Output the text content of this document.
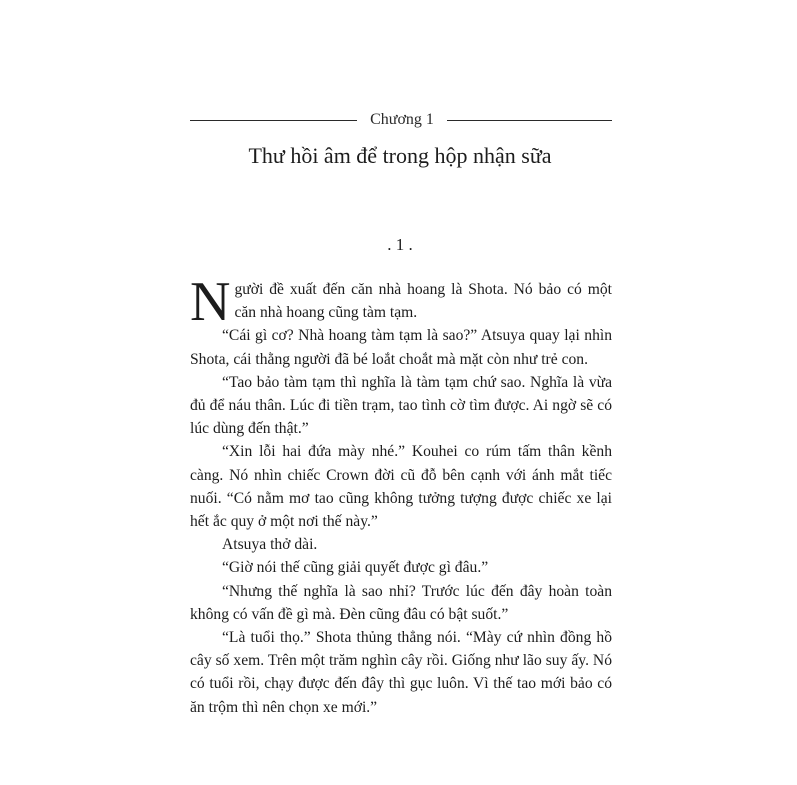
Chương 1
Thư hồi âm để trong hộp nhận sữa
. 1 .

Người đề xuất đến căn nhà hoang là Shota. Nó bảo có một căn nhà hoang cũng tàm tạm.

“Cái gì cơ? Nhà hoang tàm tạm là sao?” Atsuya quay lại nhìn Shota, cái thằng người đã bé loắt choắt mà mặt còn như trẻ con.

“Tao bảo tàm tạm thì nghĩa là tàm tạm chứ sao. Nghĩa là vừa đủ để náu thân. Lúc đi tiền trạm, tao tình cờ tìm được. Ai ngờ sẽ có lúc dùng đến thật.”

“Xin lỗi hai đứa mày nhé.” Kouhei co rúm tấm thân kềnh càng. Nó nhìn chiếc Crown đời cũ đỗ bên cạnh với ánh mắt tiếc nuối. “Có nằm mơ tao cũng không tưởng tượng được chiếc xe lại hết ắc quy ở một nơi thế này.”

Atsuya thở dài.

“Giờ nói thế cũng giải quyết được gì đâu.”

“Nhưng thế nghĩa là sao nhỉ? Trước lúc đến đây hoàn toàn không có vấn đề gì mà. Đèn cũng đâu có bật suốt.”

“Là tuổi thọ.” Shota thủng thẳng nói. “Mày cứ nhìn đồng hồ cây số xem. Trên một trăm nghìn cây rồi. Giống như lão suy ấy. Nó có tuổi rồi, chạy được đến đây thì gục luôn. Vì thế tao mới bảo có ăn trộm thì nên chọn xe mới.”
